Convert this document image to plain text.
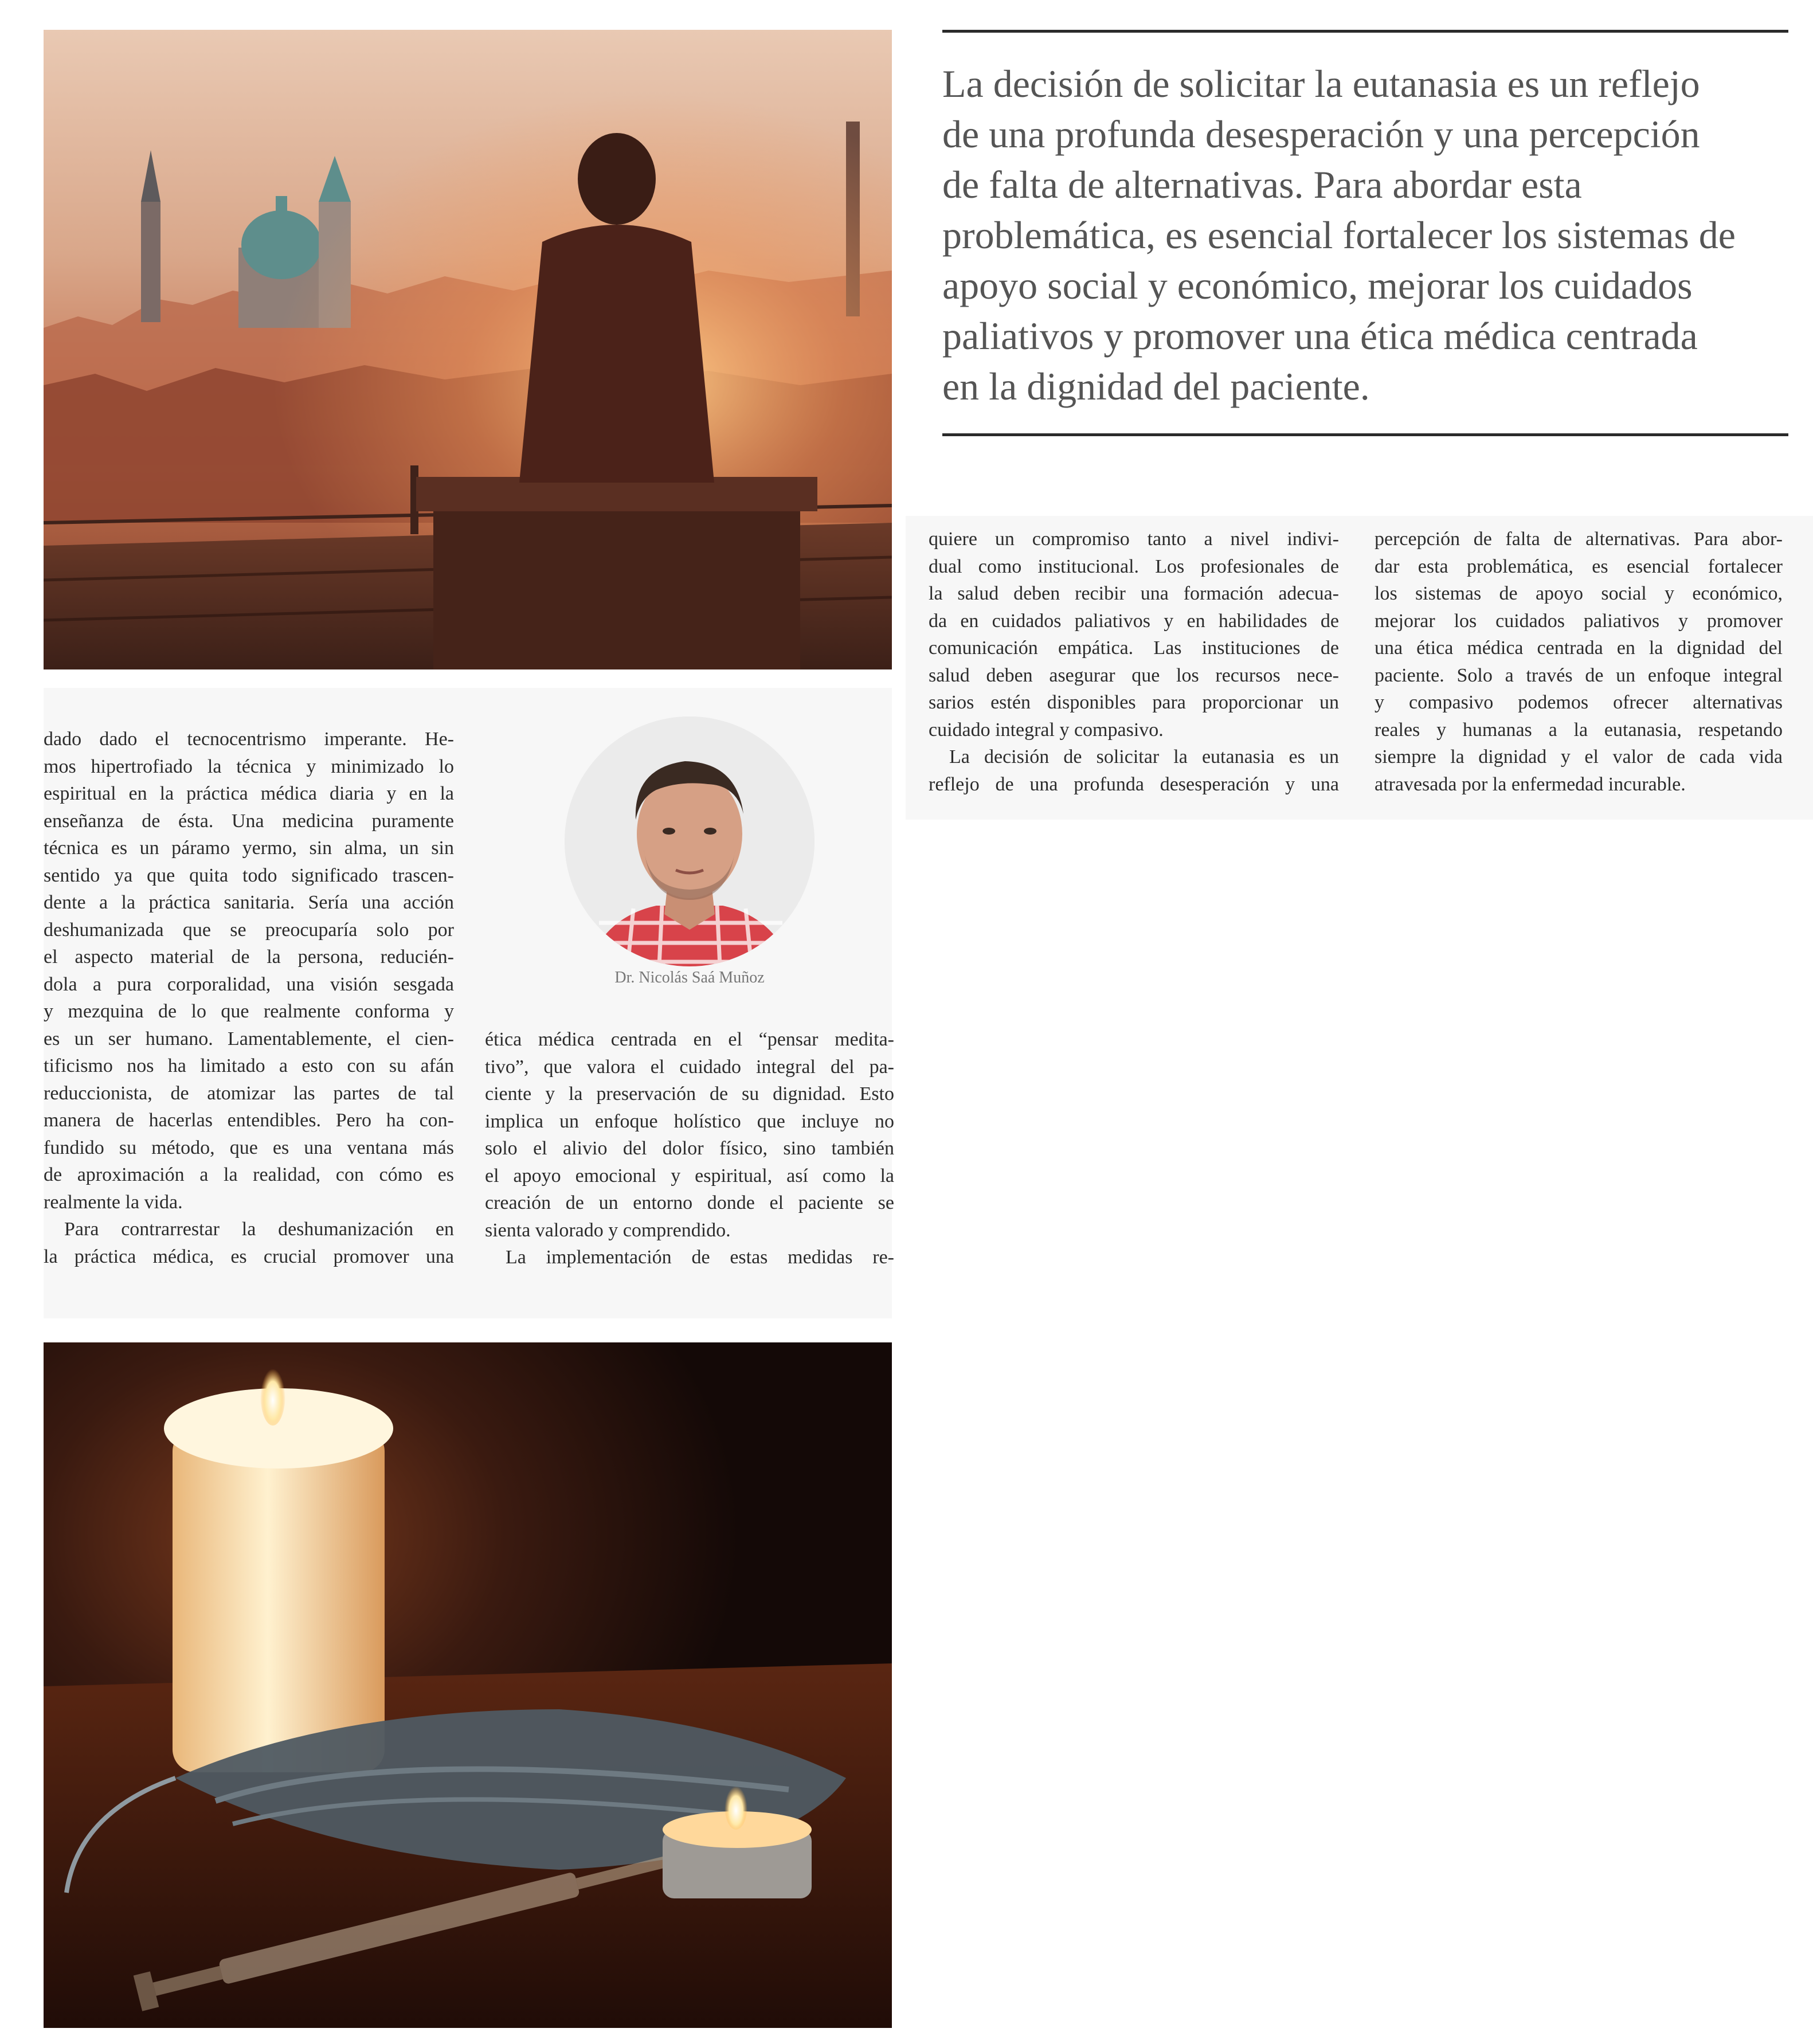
La decisión de solicitar la eutanasia es un reflejo
de una profunda desesperación y una percepción
de falta de alternativas. Para abordar esta
problemática, es esencial fortalecer los sistemas de
apoyo social y económico, mejorar los cuidados
paliativos y promover una ética médica centrada
en la dignidad del paciente.
quiere un compromiso tanto a nivel indivi-
dual como institucional. Los profesionales de
la salud deben recibir una formación adecua-
da en cuidados paliativos y en habilidades de
comunicación empática. Las instituciones de
salud deben asegurar que los recursos nece-
sarios estén disponibles para proporcionar un
cuidado integral y compasivo.
La decisión de solicitar la eutanasia es un
reflejo de una profunda desesperación y una
percepción de falta de alternativas. Para abor-
dar esta problemática, es esencial fortalecer
los sistemas de apoyo social y económico,
mejorar los cuidados paliativos y promover
una ética médica centrada en la dignidad del
paciente. Solo a través de un enfoque integral
y compasivo podemos ofrecer alternativas
reales y humanas a la eutanasia, respetando
siempre la dignidad y el valor de cada vida
atravesada por la enfermedad incurable.
dado dado el tecnocentrismo imperante. He-
mos hipertrofiado la técnica y minimizado lo
espiritual en la práctica médica diaria y en la
enseñanza de ésta. Una medicina puramente
técnica es un páramo yermo, sin alma, un sin
sentido ya que quita todo significado trascen-
dente a la práctica sanitaria. Sería una acción
deshumanizada que se preocuparía solo por
el aspecto material de la persona, reducién-
dola a pura corporalidad, una visión sesgada
y mezquina de lo que realmente conforma y
es un ser humano. Lamentablemente, el cien-
tificismo nos ha limitado a esto con su afán
reduccionista, de atomizar las partes de tal
manera de hacerlas entendibles. Pero ha con-
fundido su método, que es una ventana más
de aproximación a la realidad, con cómo es
realmente la vida.
Para contrarrestar la deshumanización en
la práctica médica, es crucial promover una
Dr. Nicolás Saá Muñoz
ética médica centrada en el “pensar medita-
tivo”, que valora el cuidado integral del pa-
ciente y la preservación de su dignidad. Esto
implica un enfoque holístico que incluye no
solo el alivio del dolor físico, sino también
el apoyo emocional y espiritual, así como la
creación de un entorno donde el paciente se
sienta valorado y comprendido.
La implementación de estas medidas re-
